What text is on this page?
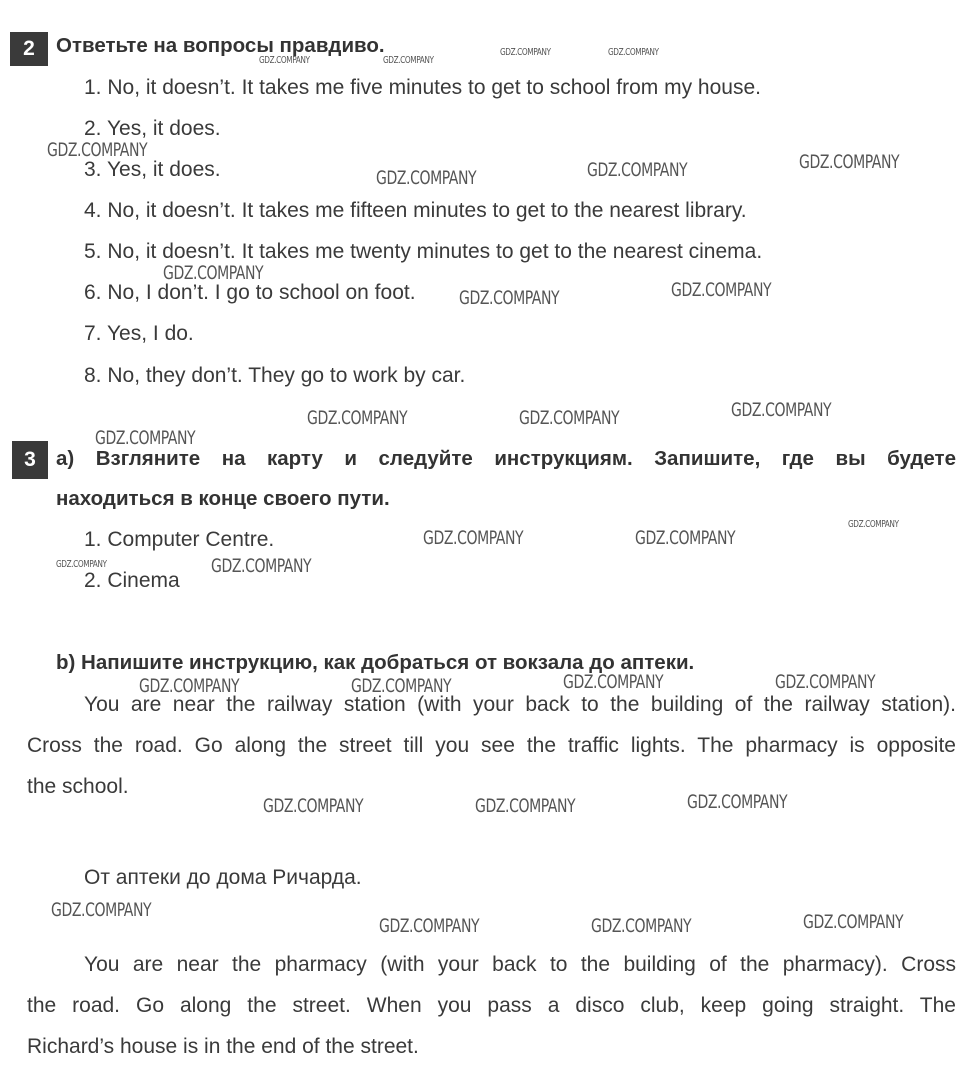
2	Ответьте на вопросы правдиво.
1. No, it doesn’t. It takes me five minutes to get to school from my house.
2. Yes, it does.
3. Yes, it does.
4. No, it doesn’t. It takes me fifteen minutes to get to the nearest library.
5. No, it doesn’t. It takes me twenty minutes to get to the nearest cinema.
6. No, I don’t. I go to school on foot.
7. Yes, I do.
8. No, they don’t. They go to work by car.
3 а) Взгляните на карту и следуйте инструкциям. Запишите, где вы будете
находиться в конце своего пути.
1. Computer Centre.
2. Cinema
b) Напишите инструкцию, как добраться от вокзала до аптеки.
You are near the railway station (with your back to the building of the railway station).
Cross the road. Go along the street till you see the traffic lights. The pharmacy is opposite
the school.
От аптеки до дома Ричарда.
You are near the pharmacy (with your back to the building of the pharmacy). Cross
the road. Go along the street. When you pass a disco club, keep going straight. The
Richard’s house is in the end of the street.
GDZ.COMPANY	GDZ.COMPANY
GDZ.COMPANY	GDZ.COMPANY
GDZ.COMPANY
GDZ.COMPANY	GDZ.COMPANY	GDZ.COMPANY
GDZ.COMPANY
GDZ.COMPANY	GDZ.COMPANY
GDZ.COMPANY	GDZ.COMPANY	GDZ.COMPANY
GDZ.COMPANY
GDZ.COMPANY	GDZ.COMPANY
GDZ.COMPANY
GDZ.COMPANY	GDZ.COMPANY
GDZ.COMPANY	GDZ.COMPANY	GDZ.COMPANY	GDZ.COMPANY
GDZ.COMPANY	GDZ.COMPANY	GDZ.COMPANY
GDZ.COMPANY
GDZ.COMPANY	GDZ.COMPANY	GDZ.COMPANY
